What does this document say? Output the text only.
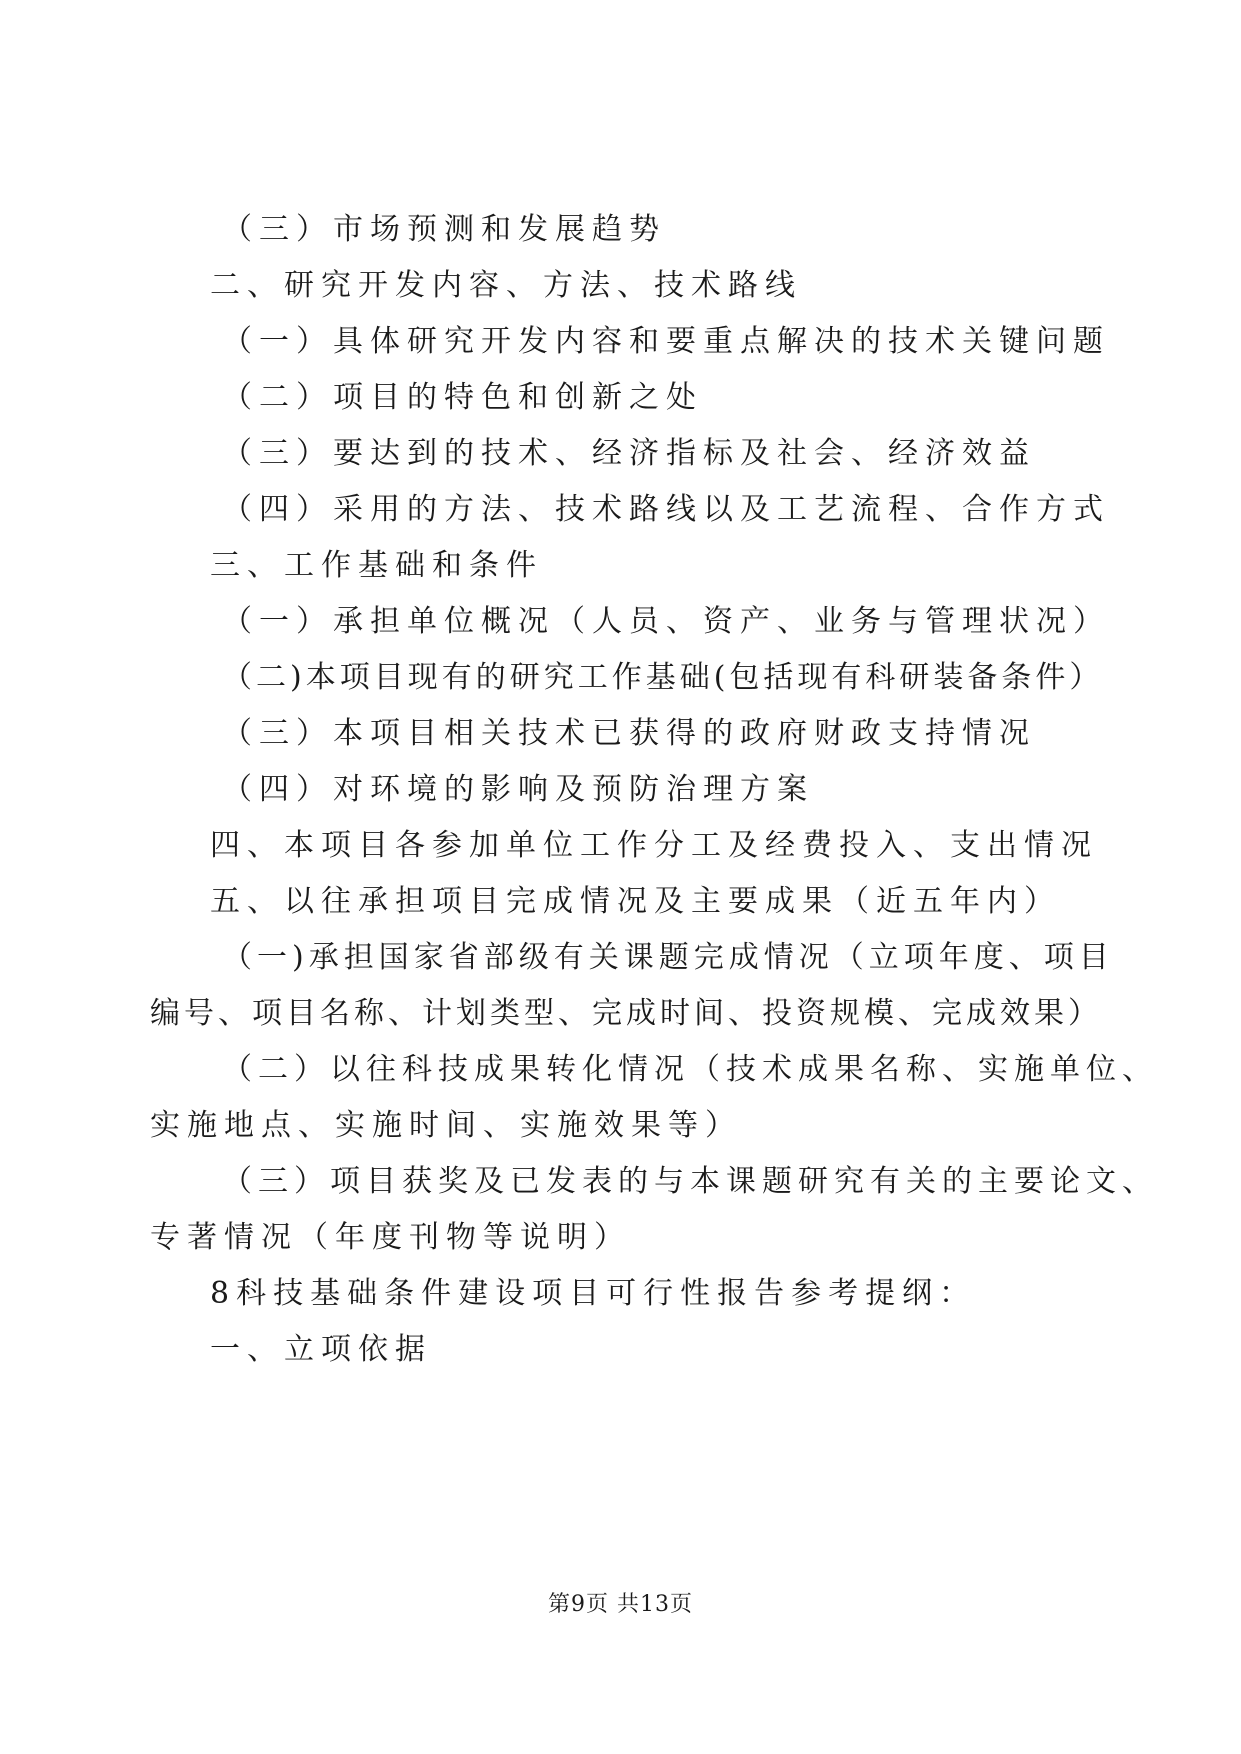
（三）市场预测和发展趋势
二、研究开发内容、方法、技术路线
（一）具体研究开发内容和要重点解决的技术关键问题
（二）项目的特色和创新之处
（三）要达到的技术、经济指标及社会、经济效益
（四）采用的方法、技术路线以及工艺流程、合作方式
三、工作基础和条件
（一）承担单位概况（人员、资产、业务与管理状况）
（二)本项目现有的研究工作基础(包括现有科研装备条件）
（三）本项目相关技术已获得的政府财政支持情况
（四）对环境的影响及预防治理方案
四、本项目各参加单位工作分工及经费投入、支出情况
五、以往承担项目完成情况及主要成果（近五年内）
（一)承担国家省部级有关课题完成情况（立项年度、项目
编号、项目名称、计划类型、完成时间、投资规模、完成效果）
（二）以往科技成果转化情况（技术成果名称、实施单位、
实施地点、实施时间、实施效果等）
（三）项目获奖及已发表的与本课题研究有关的主要论文、
专著情况（年度刊物等说明）
8科技基础条件建设项目可行性报告参考提纲：
一、立项依据
第9页 共13页
